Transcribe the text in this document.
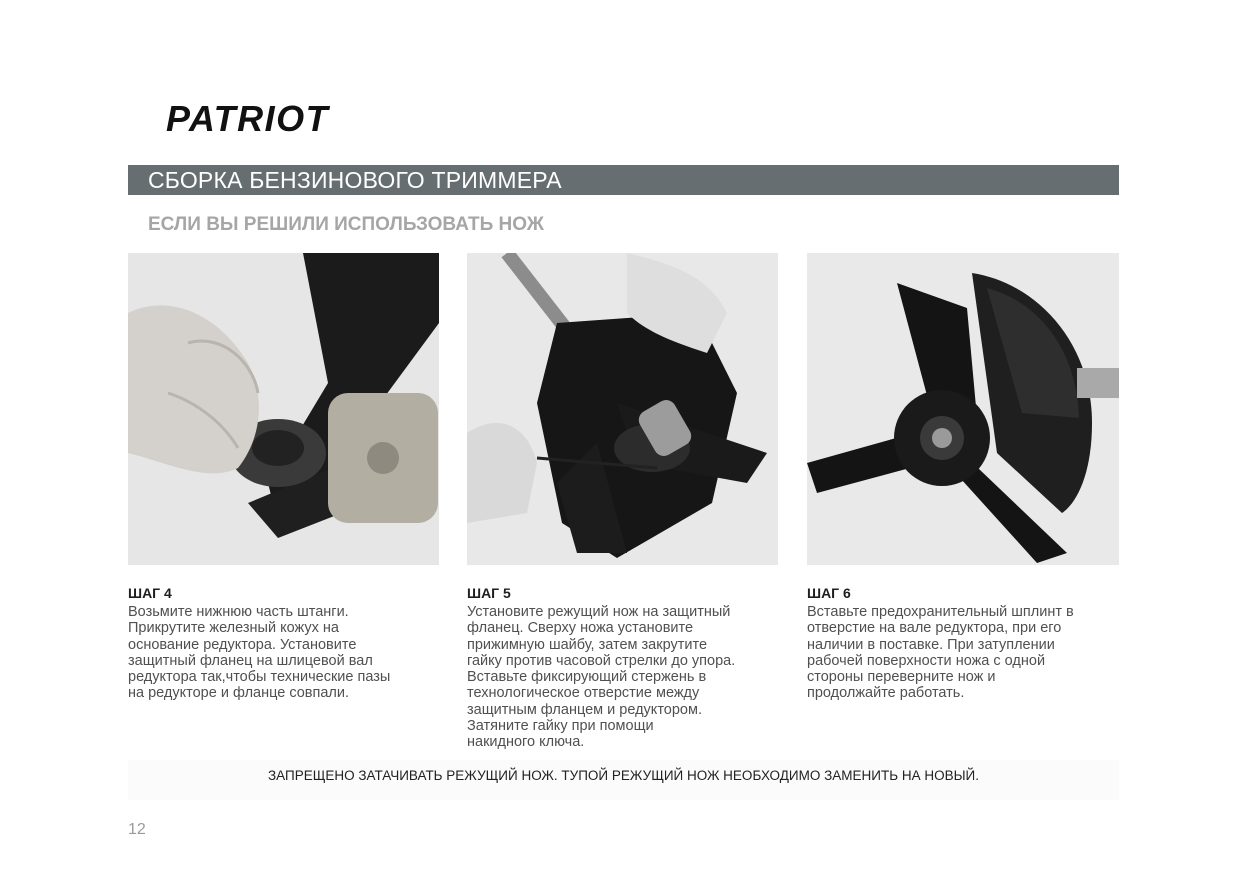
PATRIOT
СБОРКА БЕНЗИНОВОГО ТРИММЕРА
ЕСЛИ ВЫ РЕШИЛИ ИСПОЛЬЗОВАТЬ НОЖ
ШАГ 4
Возьмите нижнюю часть штанги.
Прикрутите железный кожух на
основание редуктора. Установите
защитный фланец на шлицевой вал
редуктора так,чтобы технические пазы
на редукторе и фланце совпали.
ШАГ 5
Установите режущий нож на защитный
фланец. Сверху ножа установите
прижимную шайбу, затем закрутите
гайку против часовой стрелки до упора.
Вставьте фиксирующий стержень в
технологическое отверстие между
защитным фланцем и редуктором.
Затяните гайку при помощи
накидного ключа.
ШАГ 6
Вставьте предохранительный шплинт в
отверстие на вале редуктора, при его
наличии в поставке. При затуплении
рабочей поверхности ножа с одной
стороны переверните нож и
продолжайте работать.
ЗАПРЕЩЕНО ЗАТАЧИВАТЬ РЕЖУЩИЙ НОЖ. ТУПОЙ РЕЖУЩИЙ НОЖ НЕОБХОДИМО ЗАМЕНИТЬ НА НОВЫЙ.
12
